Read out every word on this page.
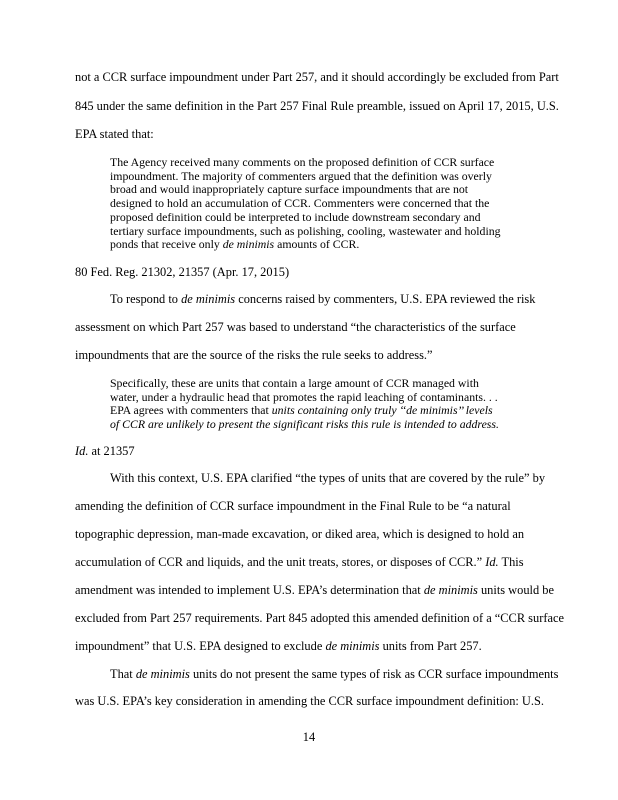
not a CCR surface impoundment under Part 257, and it should accordingly be excluded from Part
845 under the same definition in the Part 257 Final Rule preamble, issued on April 17, 2015, U.S.
EPA stated that:

The Agency received many comments on the proposed definition of CCR surface

impoundment. The majority of commenters argued that the definition was overly

broad and would inappropriately capture surface impoundments that are not

designed to hold an accumulation of CCR. Commenters were concerned that the

proposed definition could be interpreted to include downstream secondary and

tertiary surface impoundments, such as polishing, cooling, wastewater and holding

ponds that receive only de minimis amounts of CCR.

80 Fed. Reg. 21302, 21357 (Apr. 17, 2015)
To respond to de minimis concerns raised by commenters, U.S. EPA reviewed the risk
assessment on which Part 257 was based to understand “the characteristics of the surface
impoundments that are the source of the risks the rule seeks to address.”

Specifically, these are units that contain a large amount of CCR managed with

water, under a hydraulic head that promotes the rapid leaching of contaminants. . .

EPA agrees with commenters that units containing only truly ‘‘de minimis’’ levels

of CCR are unlikely to present the significant risks this rule is intended to address.

Id. at 21357
With this context, U.S. EPA clarified “the types of units that are covered by the rule” by
amending the definition of CCR surface impoundment in the Final Rule to be “a natural
topographic depression, man-made excavation, or diked area, which is designed to hold an
accumulation of CCR and liquids, and the unit treats, stores, or disposes of CCR.” Id. This
amendment was intended to implement U.S. EPA’s determination that de minimis units would be
excluded from Part 257 requirements. Part 845 adopted this amended definition of a “CCR surface
impoundment” that U.S. EPA designed to exclude de minimis units from Part 257.
That de minimis units do not present the same types of risk as CCR surface impoundments
was U.S. EPA’s key consideration in amending the CCR surface impoundment definition: U.S.
14
